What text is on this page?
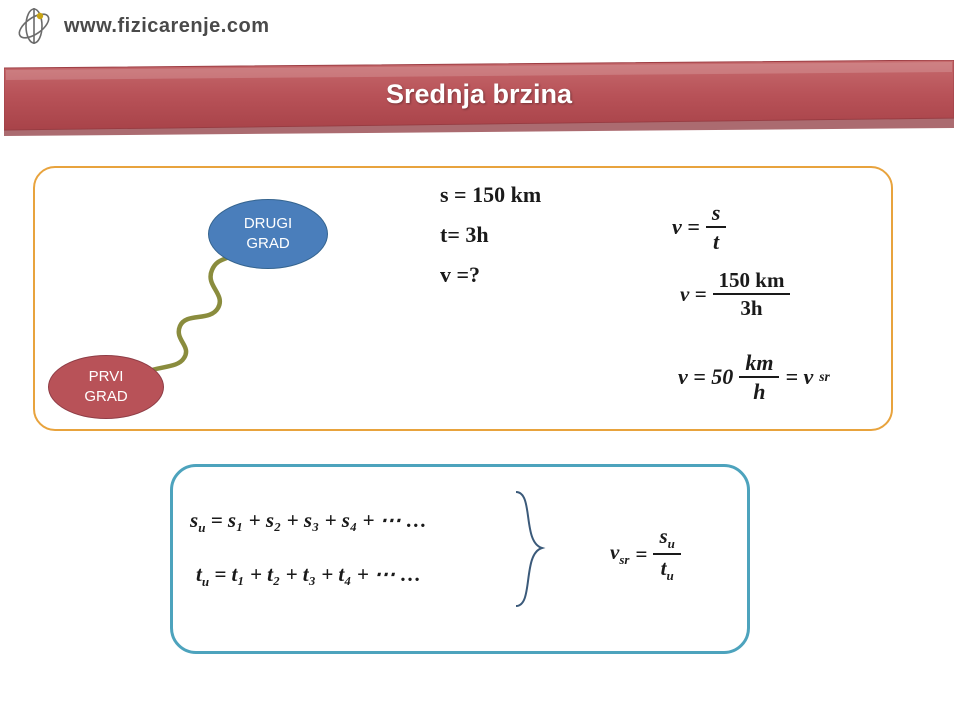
www.fizicarenje.com
Srednja brzina
DRUGI
GRAD
PRVI
GRAD
s = 150 km
t= 3h
v =?
$v = \frac{s}{t}$
$v = \frac{150 km}{3h}$
$v = 50 \frac{km}{h} = v$ sr
$s_u = s_1 + s_2 + s_3 + s_4$ + ⋯ …
$t_u = t_1 + t_2 + t_3 + t_4$ + ⋯ …
$v_{sr} = \frac{s_u}{t_u}$
